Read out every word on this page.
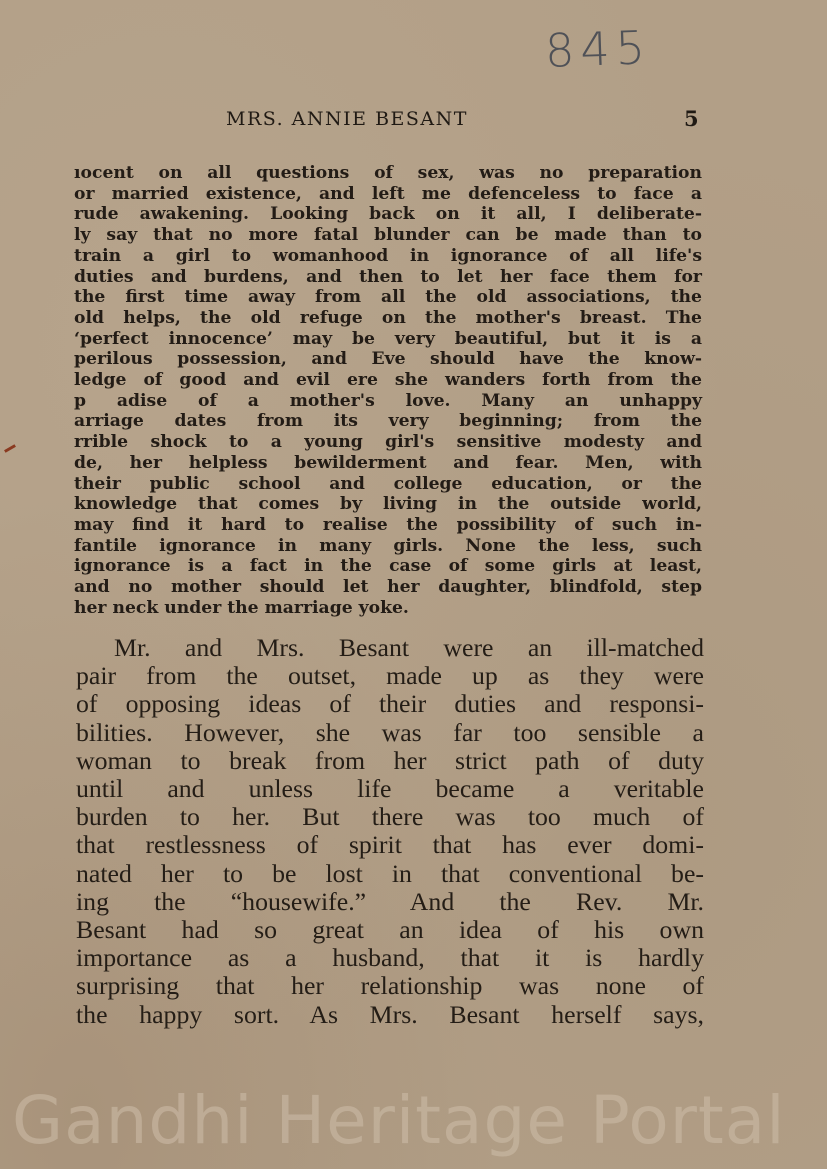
845
MRS. ANNIE BESANT	5
ıocent on all questions of sex, was no preparation
or married existence, and left me defenceless to face a
rude awakening. Looking back on it all, I deliberate-
ly say that no more fatal blunder can be made than to
train a girl to womanhood in ignorance of all life's
duties and burdens, and then to let her face them for
the first time away from all the old associations, the
old helps, the old refuge on the mother's breast. The
‘perfect innocence’ may be very beautiful, but it is a
perilous possession, and Eve should have the know-
ledge of good and evil ere she wanders forth from the
p adise of a mother's love. Many an unhappy
arriage dates from its very beginning; from the
rrible shock to a young girl's sensitive modesty and
de, her helpless bewilderment and fear. Men, with
their public school and college education, or the
knowledge that comes by living in the outside world,
may find it hard to realise the possibility of such in-
fantile ignorance in many girls. None the less, such
ignorance is a fact in the case of some girls at least,
and no mother should let her daughter, blindfold, step
her neck under the marriage yoke.
Mr. and Mrs. Besant were an ill-matched
pair from the outset, made up as they were
of opposing ideas of their duties and responsi-
bilities. However, she was far too sensible a
woman to break from her strict path of duty
until and unless life became a veritable
burden to her. But there was too much of
that restlessness of spirit that has ever domi-
nated her to be lost in that conventional be-
ing the “housewife.” And the Rev. Mr.
Besant had so great an idea of his own
importance as a husband, that it is hardly
surprising that her relationship was none of
the happy sort. As Mrs. Besant herself says,
Gandhi Heritage Portal
